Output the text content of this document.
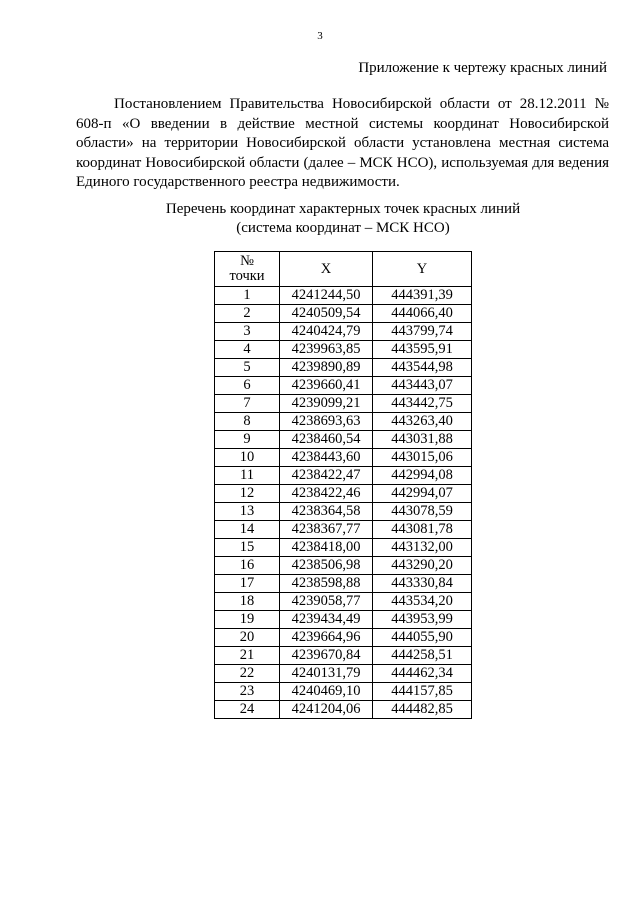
3
Приложение к чертежу красных линий

Постановлением Правительства Новосибирской области от 28.12.2011 № 608-п «О введении в действие местной системы координат Новосибирской области» на территории Новосибирской области установлена местная система координат Новосибирской области (далее – МСК НСО), используемая для ведения Единого государственного реестра недвижимости.

Перечень координат характерных точек красных линий
(система координат – МСК НСО)
№
точки	X	Y
1	4241244,50	444391,39
2	4240509,54	444066,40
3	4240424,79	443799,74
4	4239963,85	443595,91
5	4239890,89	443544,98
6	4239660,41	443443,07
7	4239099,21	443442,75
8	4238693,63	443263,40
9	4238460,54	443031,88
10	4238443,60	443015,06
11	4238422,47	442994,08
12	4238422,46	442994,07
13	4238364,58	443078,59
14	4238367,77	443081,78
15	4238418,00	443132,00
16	4238506,98	443290,20
17	4238598,88	443330,84
18	4239058,77	443534,20
19	4239434,49	443953,99
20	4239664,96	444055,90
21	4239670,84	444258,51
22	4240131,79	444462,34
23	4240469,10	444157,85
24	4241204,06	444482,85
